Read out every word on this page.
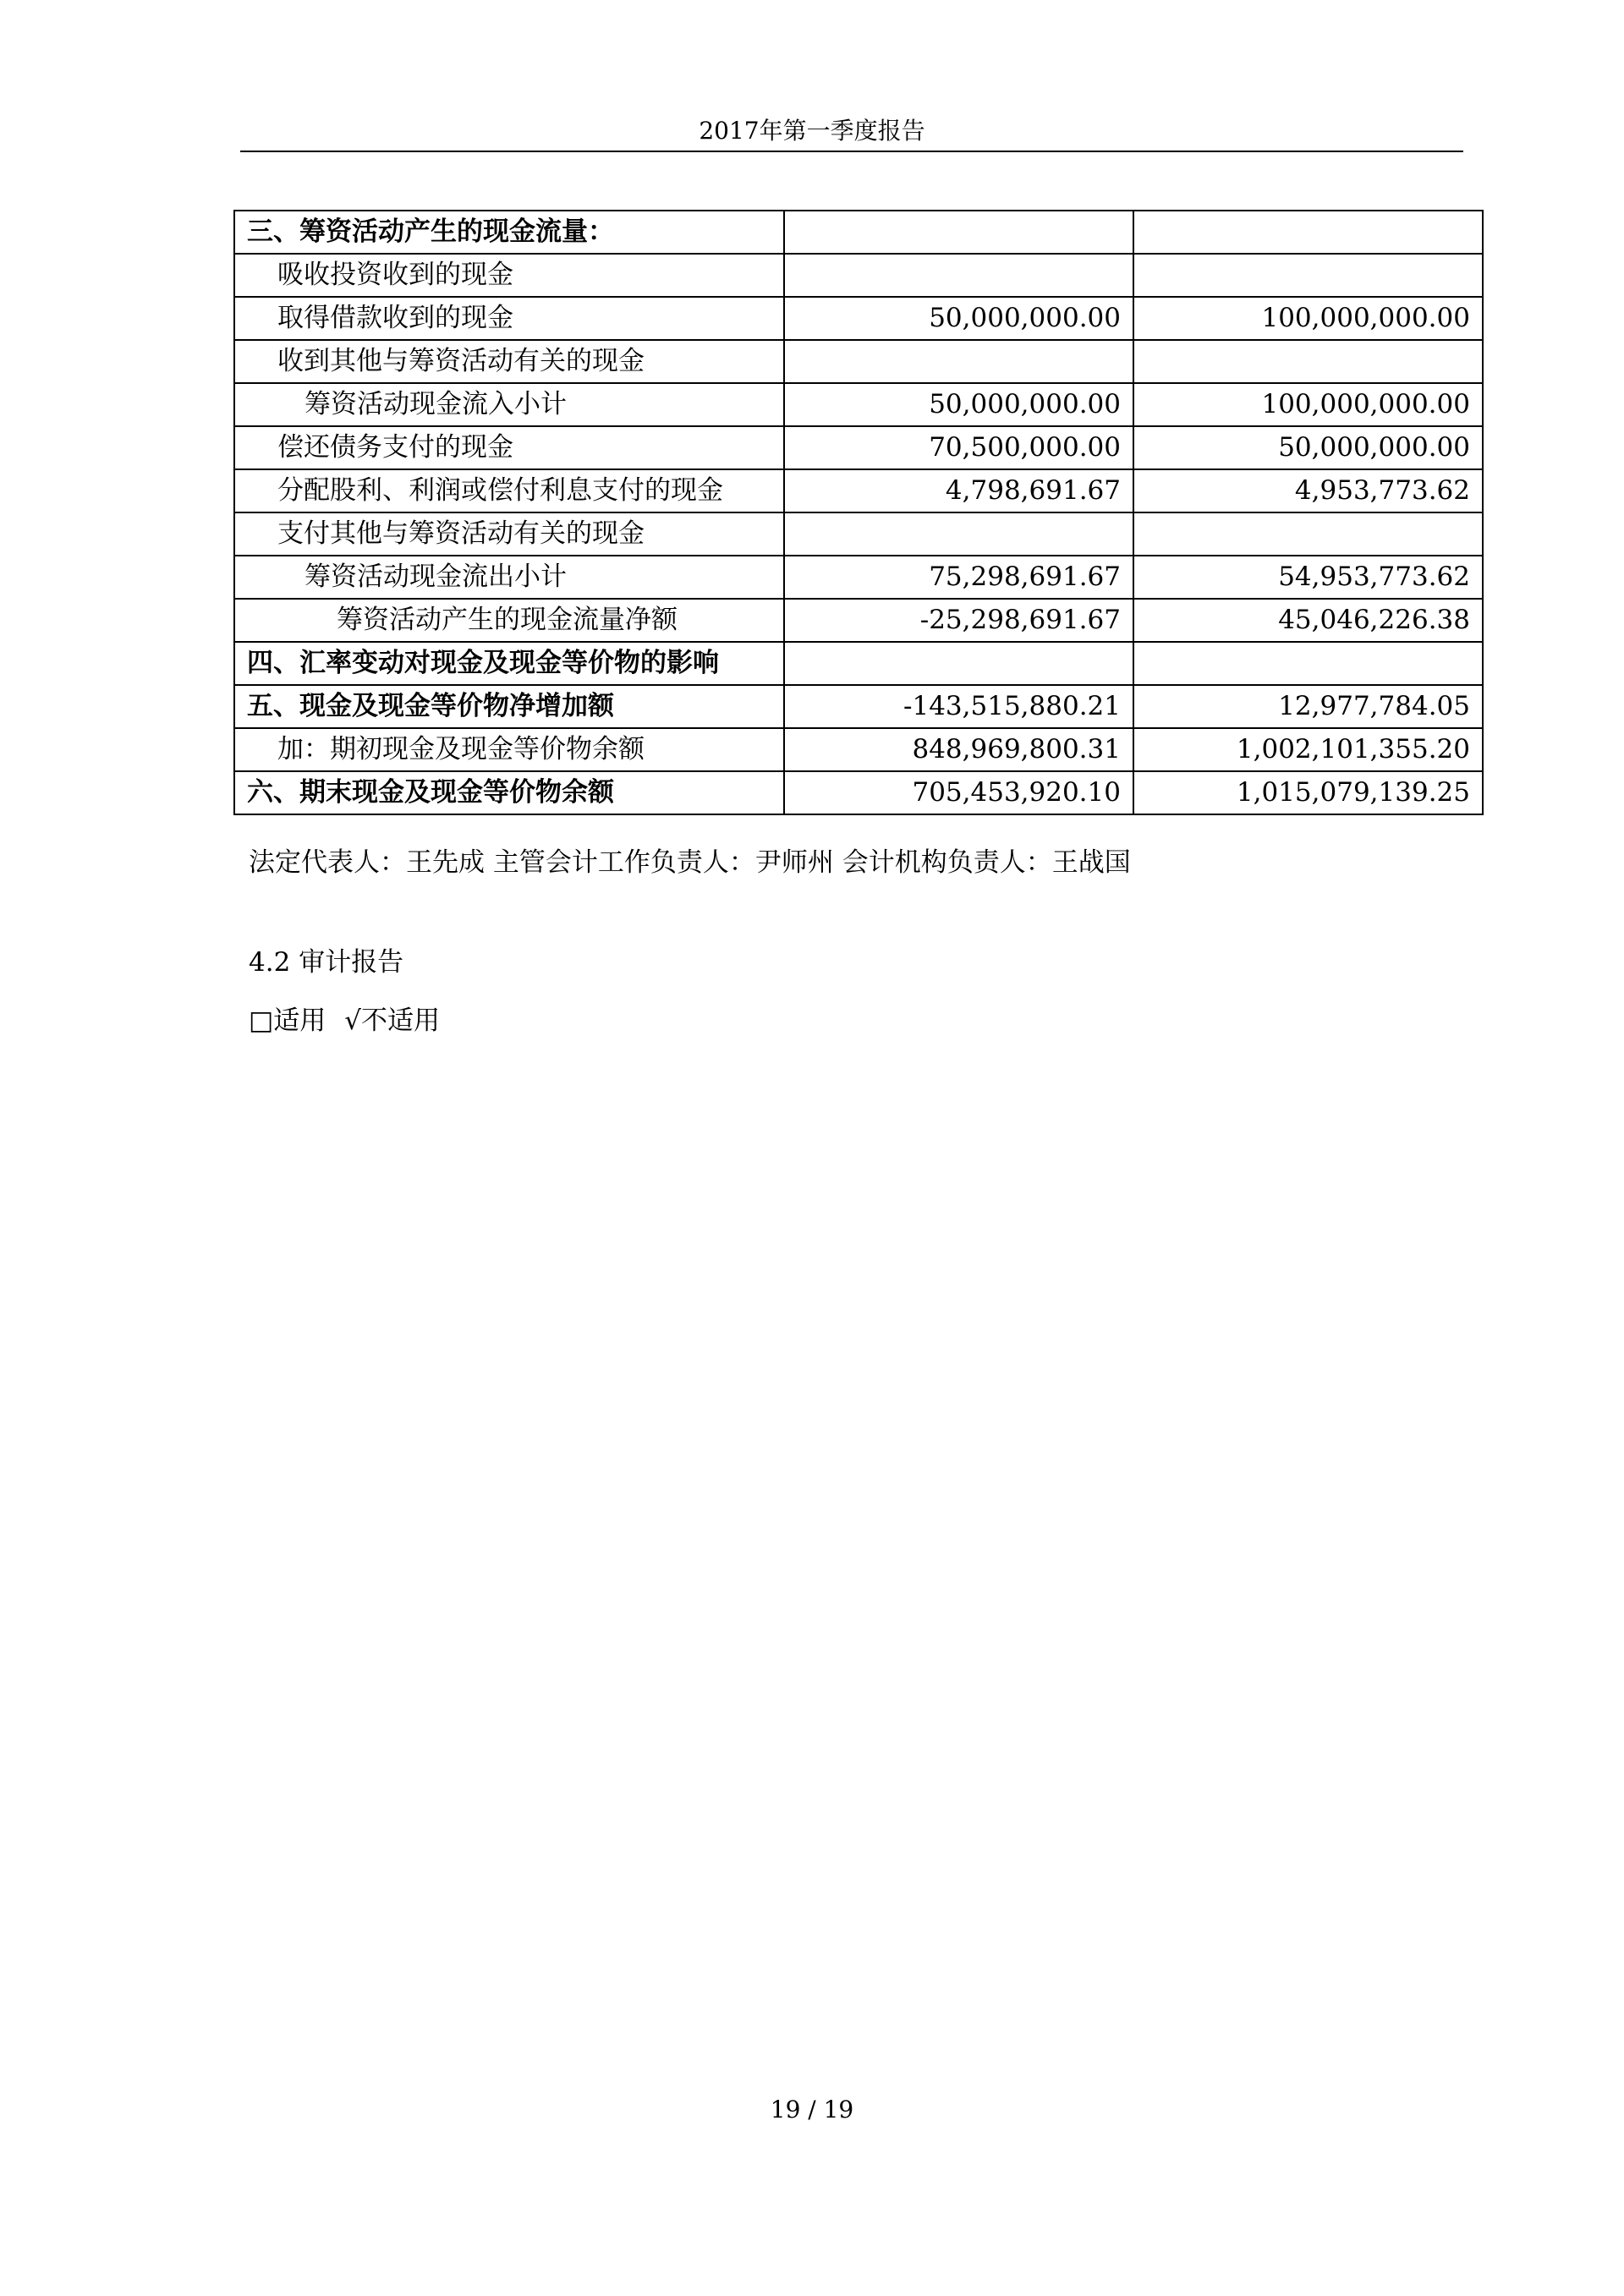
2017年第一季度报告
三、筹资活动产生的现金流量：		
吸收投资收到的现金		
取得借款收到的现金	50,000,000.00	100,000,000.00
收到其他与筹资活动有关的现金		
筹资活动现金流入小计	50,000,000.00	100,000,000.00
偿还债务支付的现金	70,500,000.00	50,000,000.00
分配股利、利润或偿付利息支付的现金	4,798,691.67	4,953,773.62
支付其他与筹资活动有关的现金		
筹资活动现金流出小计	75,298,691.67	54,953,773.62
筹资活动产生的现金流量净额	-25,298,691.67	45,046,226.38
四、汇率变动对现金及现金等价物的影响		
五、现金及现金等价物净增加额	-143,515,880.21	12,977,784.05
加：期初现金及现金等价物余额	848,969,800.31	1,002,101,355.20
六、期末现金及现金等价物余额	705,453,920.10	1,015,079,139.25
法定代表人：王先成 主管会计工作负责人：尹师州 会计机构负责人：王战国
4.2 审计报告
□适用 √不适用
19 / 19
